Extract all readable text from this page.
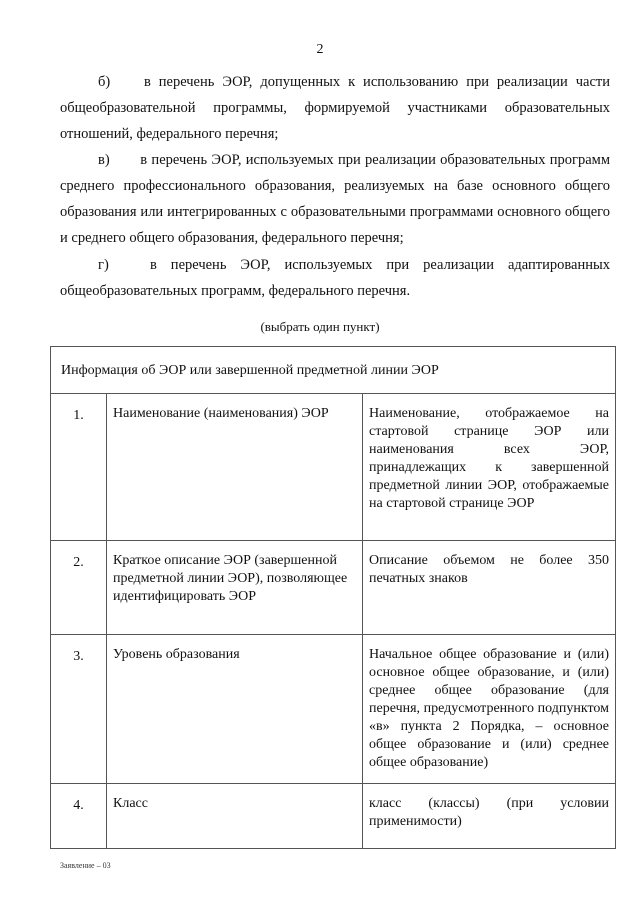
2
б) в перечень ЭОР, допущенных к использованию при реализации части общеобразовательной программы, формируемой участниками образовательных отношений, федерального перечня;
в) в перечень ЭОР, используемых при реализации образовательных программ среднего профессионального образования, реализуемых на базе основного общего образования или интегрированных с образовательными программами основного общего и среднего общего образования, федерального перечня;
г)	в перечень ЭОР, используемых при реализации адаптированных общеобразовательных программ, федерального перечня.
(выбрать один пункт)
Информация об ЭОР или завершенной предметной линии ЭОР		
1.	Наименование (наименования) ЭОР	Наименование, отображаемое на стартовой странице ЭОР или наименования всех ЭОР, принадлежащих к завершенной предметной линии ЭОР, отображаемые на стартовой странице ЭОР
2.	Краткое описание ЭОР (завершенной предметной линии ЭОР), позволяющее идентифицировать ЭОР	Описание объемом не более 350 печатных знаков
3.	Уровень образования	Начальное общее образование и (или) основное общее образование, и (или) среднее общее образование (для перечня, предусмотренного подпунктом «в» пункта 2 Порядка, – основное общее образование и (или) среднее общее образование)
4.	Класс	класс (классы) (при условии применимости)
Заявление – 03
